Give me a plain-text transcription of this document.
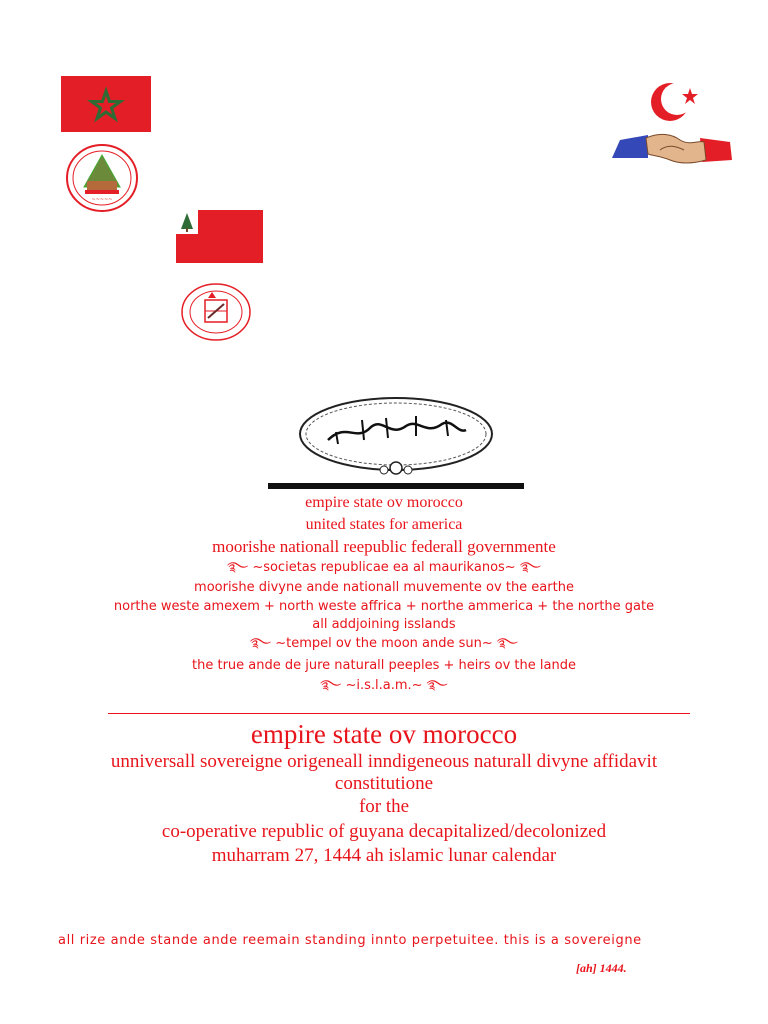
~~~~~
empire state ov morocco
united states for america
moorishe nationall reepublic federall governmente
࿐ ~societas republicae ea al maurikanos~ ࿐
moorishe divyne ande nationall muvemente ov the earthe
northe weste amexem + north weste affrica + northe ammerica + the northe gate
all addjoining isslands
࿐ ~tempel ov the moon ande sun~ ࿐
the true ande de jure naturall peeples + heirs ov the lande
࿐ ~i.s.l.a.m.~ ࿐
empire state ov morocco
unniversall sovereigne origeneall inndigeneous naturall divyne affidavit
constitutione
for the
co-operative republic of guyana decapitalized/decolonized
muharram 27, 1444 ah islamic lunar calendar
all rize ande stande ande reemain standing innto perpetuitee. this is a sovereigne
[ah] 1444.
